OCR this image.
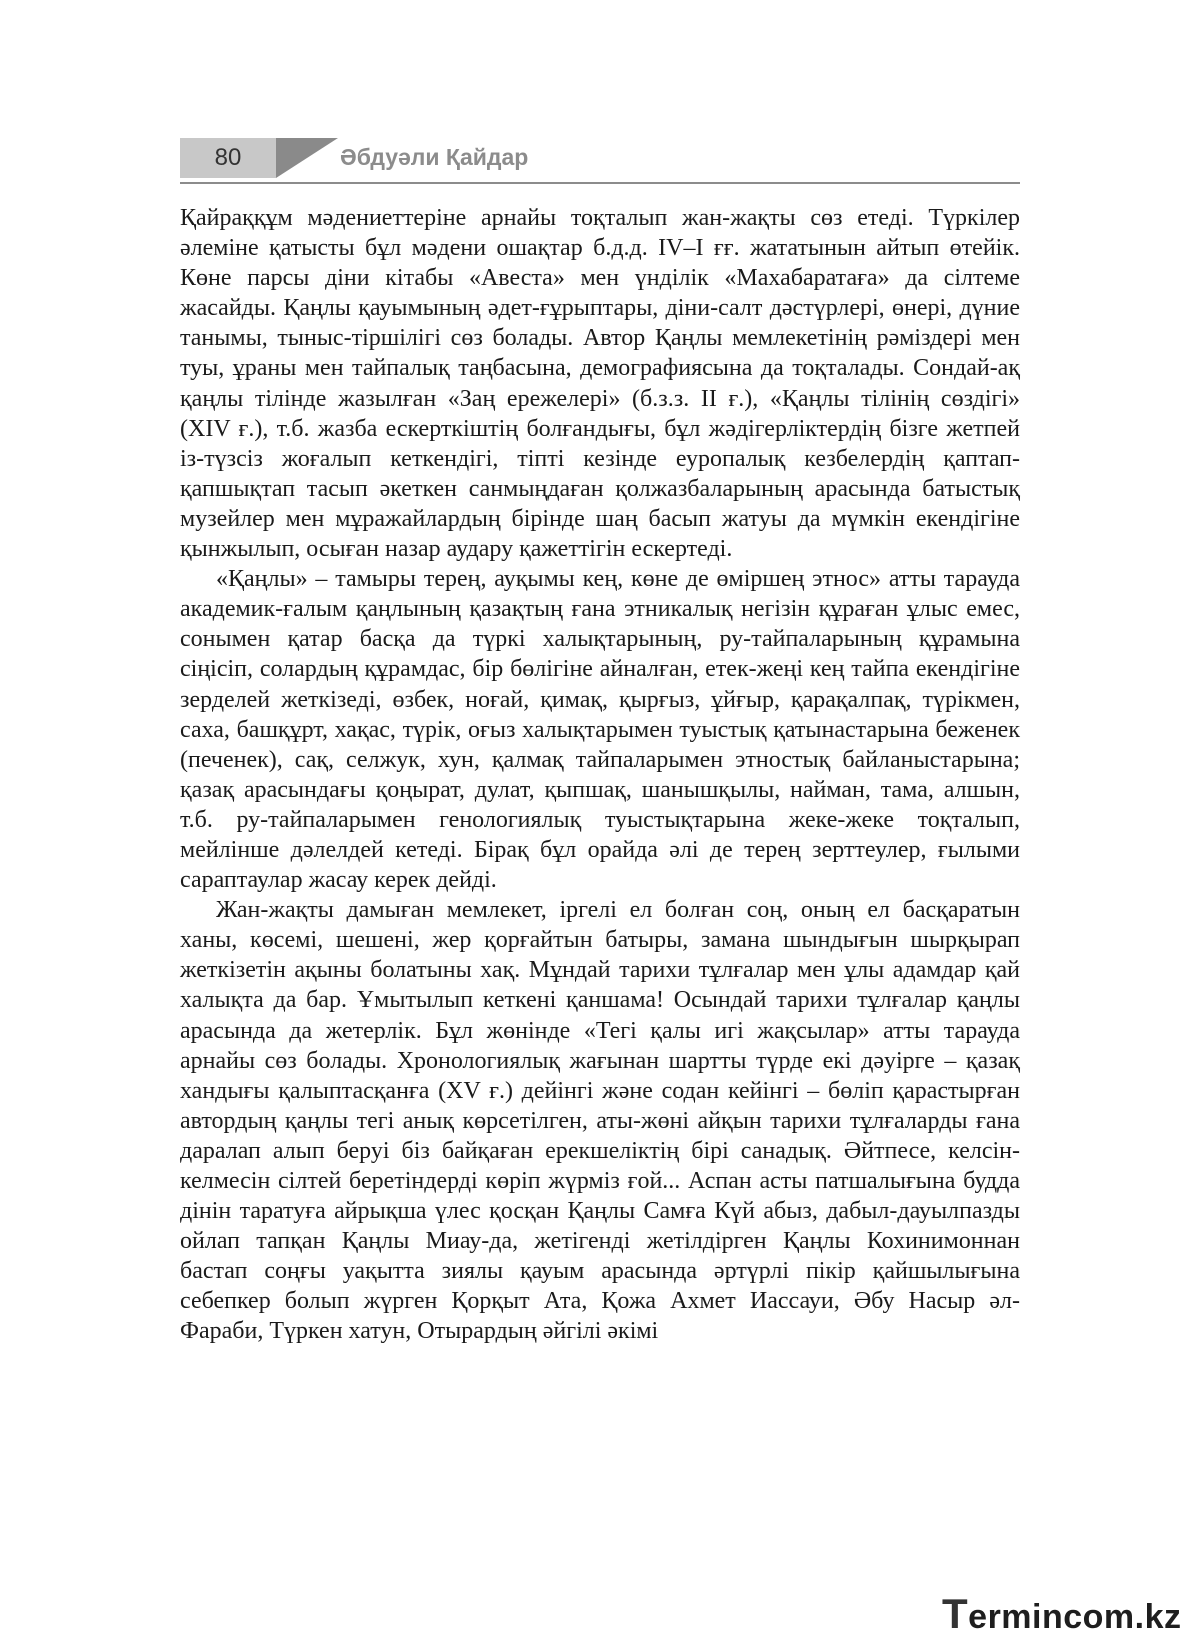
80	Әбдуәли Қайдар

Қайраққұм мәдениеттеріне арнайы тоқталып жан-жақты сөз етеді. Түркілер әлеміне қатысты бұл мәдени ошақтар б.д.д. IV–I ғғ. жататынын айтып өтейік. Көне парсы діни кітабы «Авеста» мен үнділік «Махабаратаға» да сілтеме жасайды. Қаңлы қауымының әдет-ғұрыптары, діни-салт дәстүрлері, өнері, дүние танымы, тыныс-тіршілігі сөз болады. Автор Қаңлы мемлекетінің рәміздері мен туы, ұраны мен тайпалық таңбасына, демографиясына да тоқталады. Сондай-ақ қаңлы тілінде жазылған «Заң ережелері» (б.з.з. II ғ.), «Қаңлы тілінің сөздігі» (XIV ғ.), т.б. жазба ескерткіштің болғандығы, бұл жәдігерліктердің бізге жетпей із-түзсіз жоғалып кеткендігі, тіпті кезінде еуропалық кезбелердің қаптап-қапшықтап тасып әкеткен санмыңдаған қолжазбаларының арасында батыстық музейлер мен мұражайлардың бірінде шаң басып жатуы да мүмкін екендігіне қынжылып, осыған назар аудару қажеттігін ескертеді.

«Қаңлы» – тамыры терең, ауқымы кең, көне де өміршең этнос» атты тарауда академик-ғалым қаңлының қазақтың ғана этникалық негізін құраған ұлыс емес, сонымен қатар басқа да түркі халықтарының, ру-тайпаларының құрамына сіңісіп, солардың құрамдас, бір бөлігіне айналған, етек-жеңі кең тайпа екендігіне зерделей жеткізеді, өзбек, ноғай, қимақ, қырғыз, ұйғыр, қарақалпақ, түрікмен, саха, башқұрт, хақас, түрік, оғыз халықтарымен туыстық қатынастарына беженек (печенек), сақ, селжук, хун, қалмақ тайпаларымен этностық байланыстарына; қазақ арасындағы қоңырат, дулат, қыпшақ, шанышқылы, найман, тама, алшын, т.б. ру-тайпаларымен генологиялық туыстықтарына жеке-жеке тоқталып, мейлінше дәлелдей кетеді. Бірақ бұл орайда әлі де терең зерттеулер, ғылыми сараптаулар жасау керек дейді.

Жан-жақты дамыған мемлекет, іргелі ел болған соң, оның ел басқаратын ханы, көсемі, шешені, жер қорғайтын батыры, замана шындығын шырқырап жеткізетін ақыны болатыны хақ. Мұндай тарихи тұлғалар мен ұлы адамдар қай халықта да бар. Ұмытылып кеткені қаншама! Осындай тарихи тұлғалар қаңлы арасында да жетерлік. Бұл жөнінде «Тегі қалы игі жақсылар» атты тарауда арнайы сөз болады. Хронологиялық жағынан шартты түрде екі дәуірге – қазақ хандығы қалыптасқанға (XV ғ.) дейінгі және содан кейінгі – бөліп қарастырған автордың қаңлы тегі анық көрсетілген, аты-жөні айқын тарихи тұлғаларды ғана даралап алып беруі біз байқаған ерекшеліктің бірі санадық. Әйтпесе, келсін-келмесін сілтей беретіндерді көріп жүрміз ғой... Аспан асты патшалығына будда дінін таратуға айрықша үлес қосқан Қаңлы Самға Күй абыз, дабыл-дауылпазды ойлап тапқан Қаңлы Миау-да, жетігенді жетілдірген Қаңлы Кохинимоннан бастап соңғы уақытта зиялы қауым арасында әртүрлі пікір қайшылығына себепкер болып жүрген Қорқыт Ата, Қожа Ахмет Иассауи, Әбу Насыр әл-Фараби, Түркен хатун, Отырардың әйгілі әкімі

Termincom.kz
